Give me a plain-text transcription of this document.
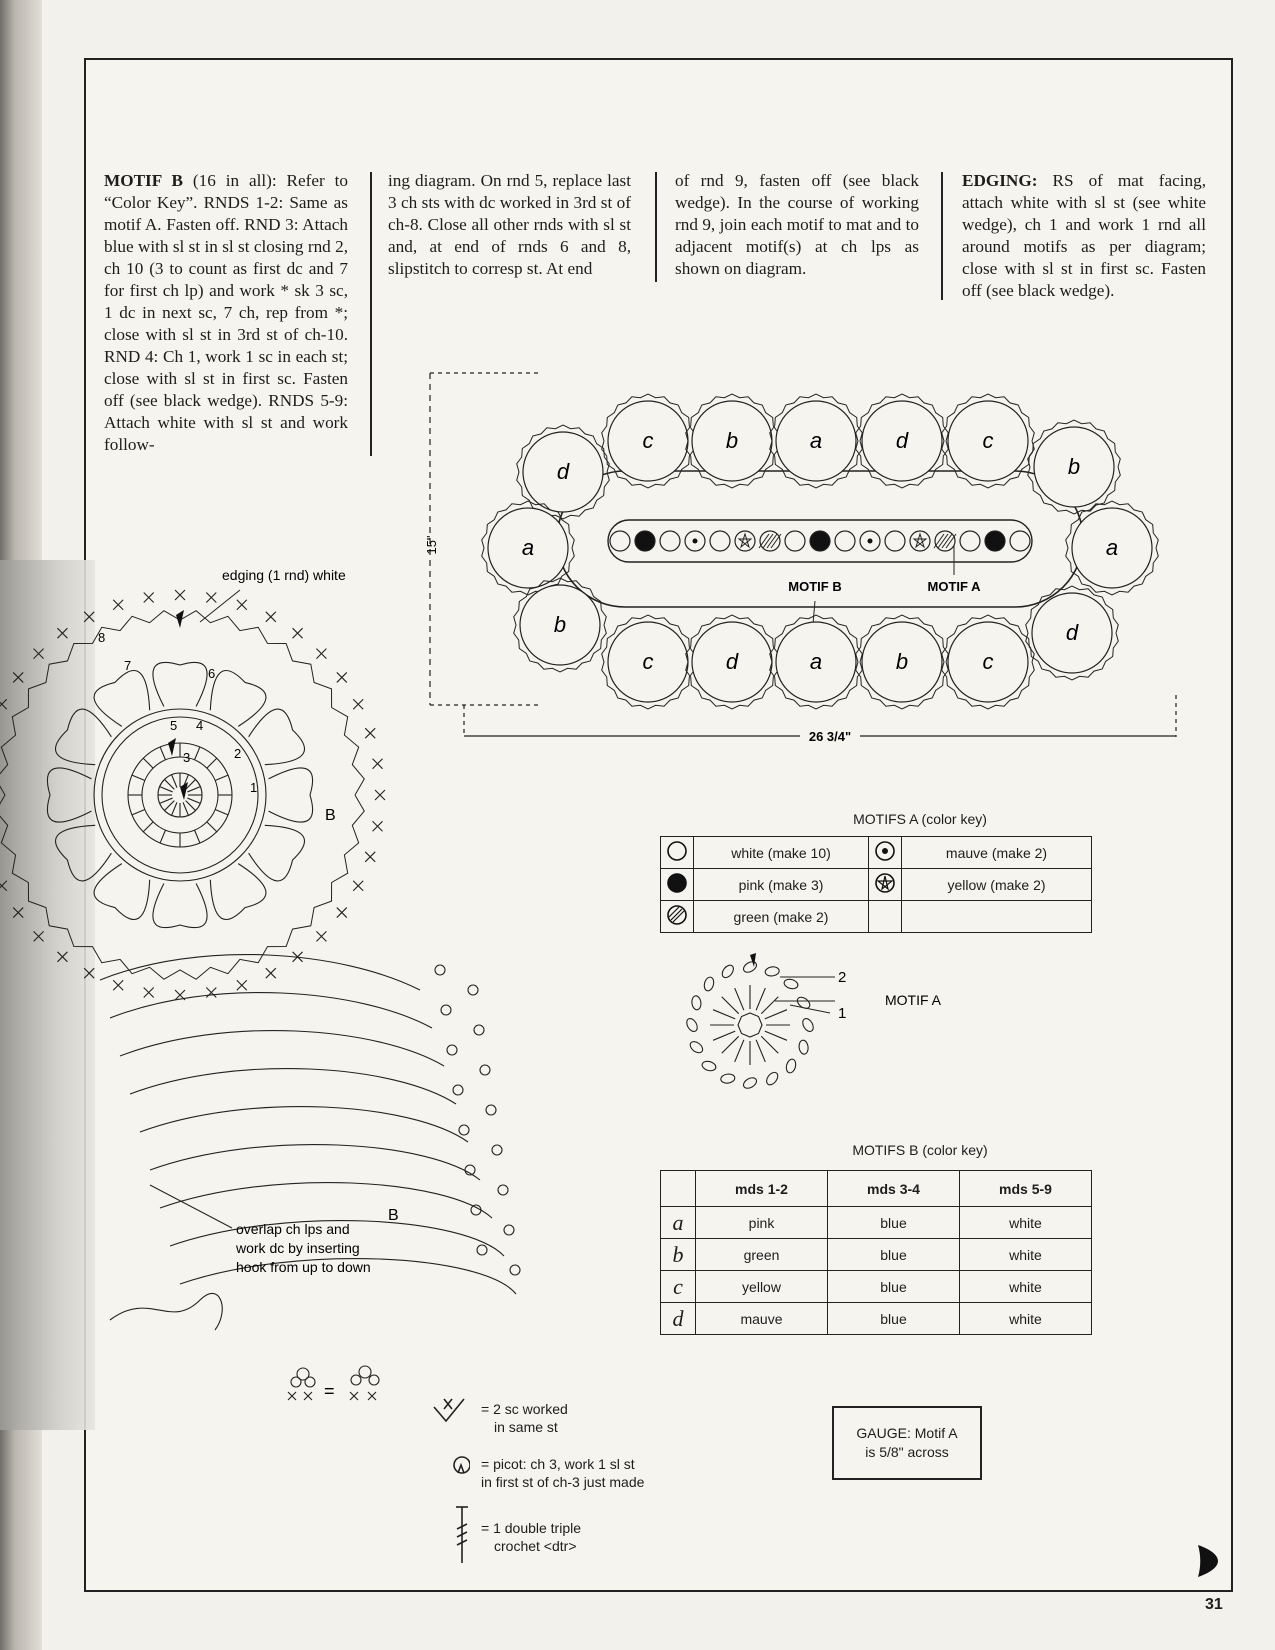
MOTIF B (16 in all): Refer to “Color Key”. RNDS 1-2: Same as motif A. Fasten off. RND 3: Attach blue with sl st in sl st closing rnd 2, ch 10 (3 to count as first dc and 7 for first ch lp) and work * sk 3 sc, 1 dc in next sc, 7 ch, rep from *; close with sl st in 3rd st of ch-10. RND 4: Ch 1, work 1 sc in each st; close with sl st in first sc. Fasten off (see black wedge). RNDS 5-9: Attach white with sl st and work follow-
ing diagram. On rnd 5, replace last 3 ch sts with dc worked in 3rd st of ch-8. Close all other rnds with sl st and, at end of rnds 6 and 8, slipstitch to corresp st. At end
of rnd 9, fasten off (see black wedge). In the course of working rnd 9, join each motif to mat and to adjacent motif(s) at ch lps as shown on diagram.
EDGING: RS of mat facing, attach white with sl st (see white wedge), ch 1 and work 1 rnd all around motifs as per diagram; close with sl st in first sc. Fasten off (see black wedge).
15"
26 3/4"
MOTIF B	MOTIF A
c	b	a	d	c
c	d	a	b	c
d
a
b
b
a
d
MOTIFS A (color key)
	white (make 10)		mauve (make 2)
	pink (make 3)		yellow (make 2)
	green (make 2)		
2
1
MOTIF A
MOTIFS B (color key)
	mds 1-2	mds 3-4	mds 5-9
a	pink	blue	white
b	green	blue	white
c	yellow	blue	white
d	mauve	blue	white
edging (1 rnd) white
B
B
overlap ch lps and
work dc by inserting
hook from up to down
1
2
3
4
5
6
7
8
=
= 2 sc worked
in same st
= picot: ch 3, work 1 sl st
in first st of ch-3 just made
= 1 double triple
crochet <dtr>
GAUGE: Motif A
is 5/8" across
31
